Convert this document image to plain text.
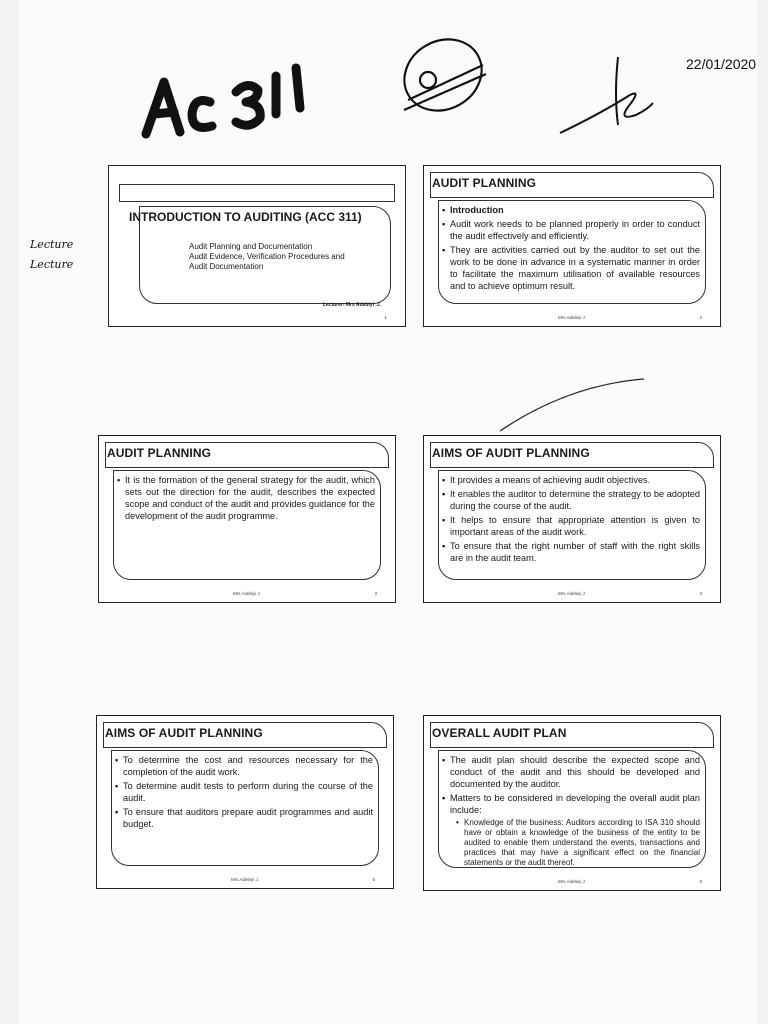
22/01/2020
Lecture
Lecture
INTRODUCTION TO AUDITING (ACC 311)
Audit Planning and Documentation
Audit Evidence, Verification Procedures and
Audit Documentation
Lecturer- Mrs Adebiyi .J.
1
AUDIT PLANNING
• Introduction
• Audit work needs to be planned properly in order to conduct the audit effectively and efficiently.
• They are activities carried out by the auditor to set out the work to be done in advance in a systematic manner in order to facilitate the maximum utilisation of available resources and to achieve optimum result.
Mrs Adebiyi J.	2
AUDIT PLANNING
• It is the formation of the general strategy for the audit, which sets out the direction for the audit, describes the expected scope and conduct of the audit and provides guidance for the development of the audit programme.
Mrs Adebiyi J.	3
AIMS OF AUDIT PLANNING
• It provides a means of achieving audit objectives.
• It enables the auditor to determine the strategy to be adopted during the course of the audit.
• It helps to ensure that appropriate attention is given to important areas of the audit work.
• To ensure that the right number of staff with the right skills are in the audit team.
Mrs Adebiyi J.	4
AIMS OF AUDIT PLANNING
• To determine the cost and resources necessary for the completion of the audit work.
• To determine audit tests to perform during the course of the audit.
• To ensure that auditors prepare audit programmes and audit budget.
Mrs Adebiyi J.	5
OVERALL AUDIT PLAN
• The audit plan should describe the expected scope and conduct of the audit and this should be developed and documented by the auditor.
• Matters to be considered in developing the overall audit plan include:
• Knowledge of the business: Auditors according to ISA 310 should have or obtain a knowledge of the business of the entity to be audited to enable them understand the events, transactions and practices that may have a significant effect on the financial statements or the audit thereof.
Mrs Adebiyi J.	6
